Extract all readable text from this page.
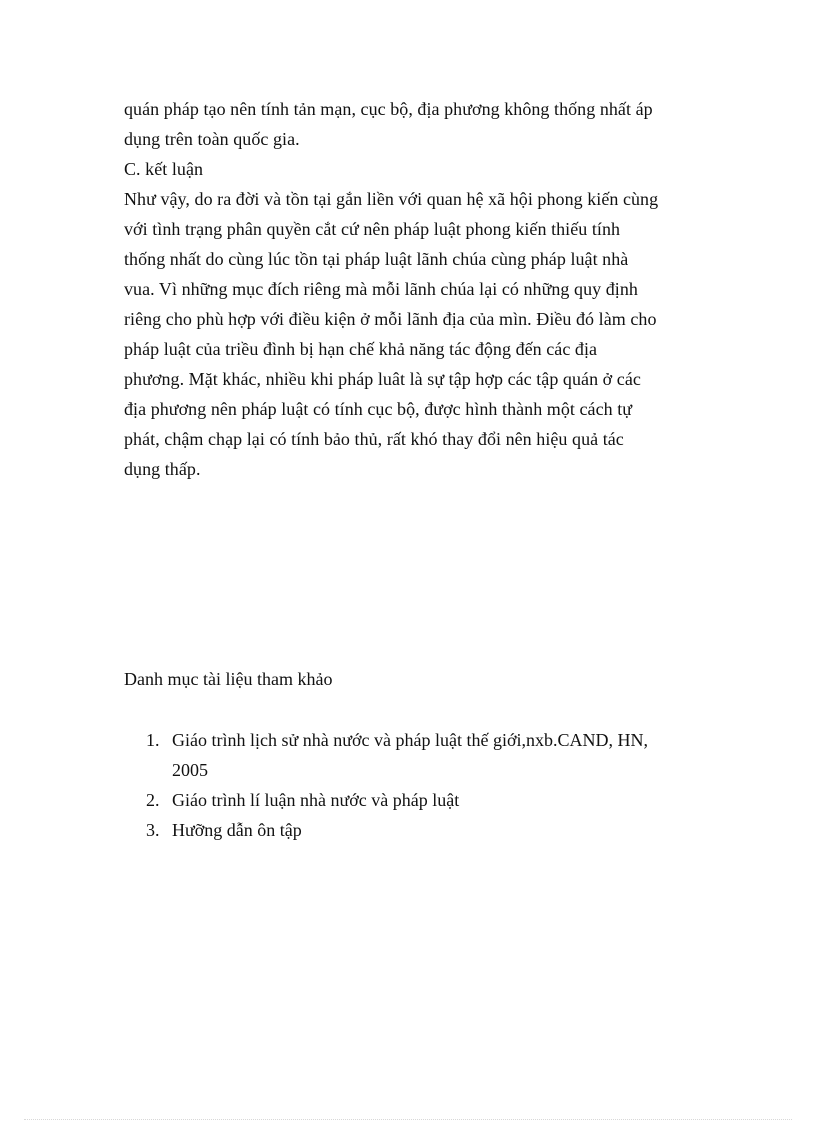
quán pháp tạo nên tính tản mạn, cục bộ, địa phương không thống nhất áp
dụng trên toàn quốc gia.
C. kết luận
Như vậy, do ra đời và tồn tại gắn liền với quan hệ xã hội phong kiến cùng
với tình trạng phân quyền cắt cứ nên pháp luật phong kiến thiếu tính
thống nhất do cùng lúc tồn tại pháp luật lãnh chúa cùng pháp luật nhà
vua. Vì những mục đích riêng mà mỗi lãnh chúa lại có những quy định
riêng cho phù hợp với điều kiện ở mỗi lãnh địa của mìn. Điều đó làm cho
pháp luật của triều đình bị hạn chế khả năng tác động đến các địa
phương. Mặt khác, nhiều khi pháp luât là sự tập hợp các tập quán ở các
địa phương nên pháp luật có tính cục bộ, được hình thành một cách tự
phát, chậm chạp lại có tính bảo thủ, rất khó thay đổi nên hiệu quả tác
dụng thấp.
Danh mục tài liệu tham khảo
1. Giáo trình lịch sử nhà nước và pháp luật thế giới,nxb.CAND, HN,
2005
2. Giáo trình lí luận nhà nước và pháp luật
3. Hưỡng dẫn ôn tập
